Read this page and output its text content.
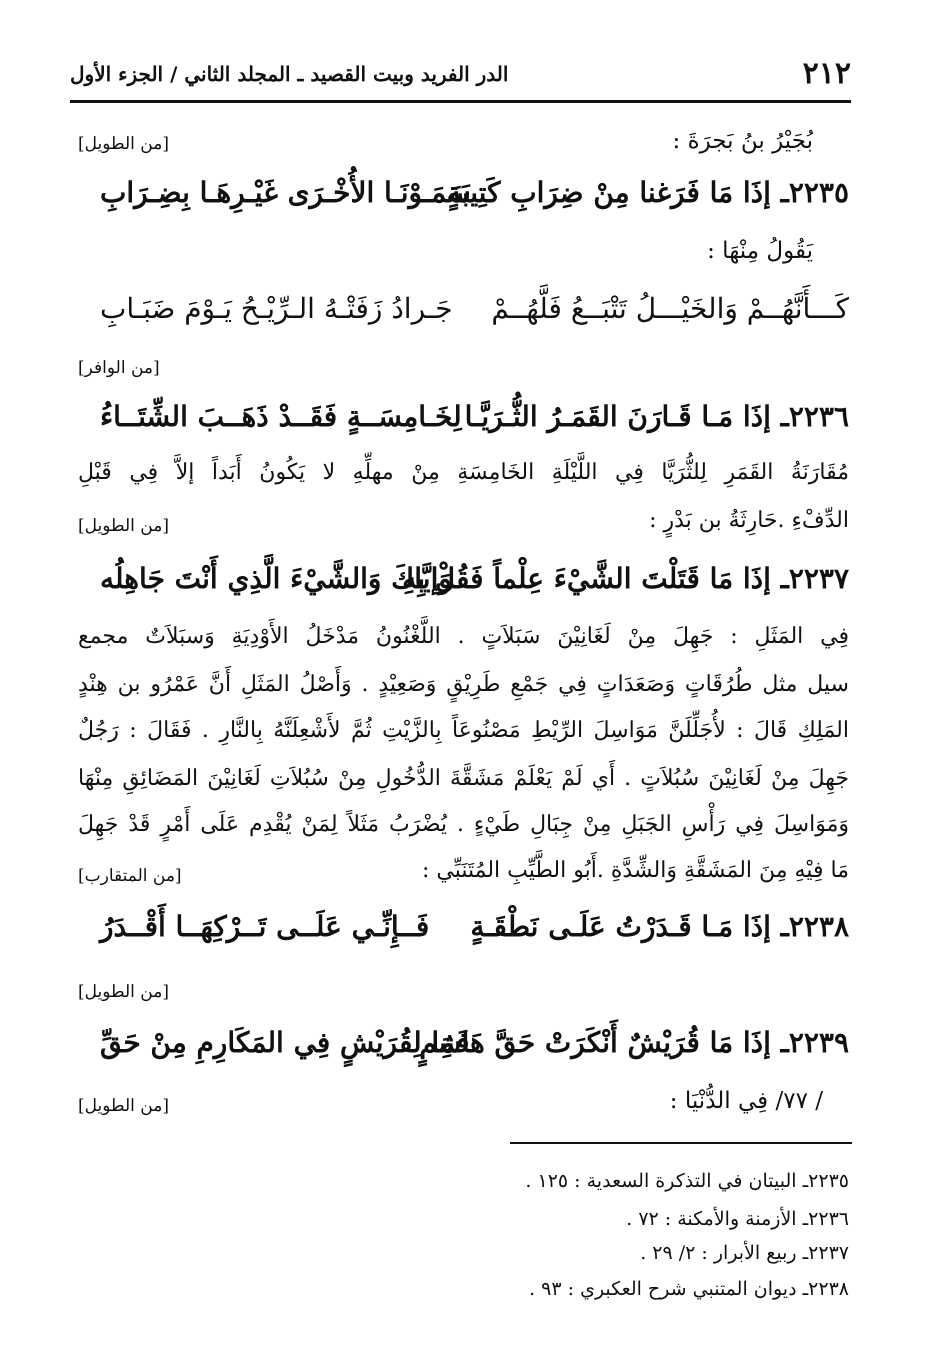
الدر الفريد وبيت القصيد ـ المجلد الثاني / الجزء الأول	٢١٢
بُجَيْرُ بنُ بَجرَةَ :
[من الطويل]
٢٢٣٥ـ إذَا مَا فَرَغنا مِنْ ضِرَابِ كَتِيبَةٍ
سَمَـوْنَـا الأُخْـرَى غَيْـرِهَـا بِضِـرَابِ
يَقُولُ مِنْهَا :
كَـــأَنَّهُــمْ وَالخَيْـــلُ تَتْبَــعُ فَلَّهُــمْ
جَـرادُ زَفَتْـهُ الـرِّيْـحُ يَـوْمَ ضَبَـابِ
[من الوافر]
٢٢٣٦ـ إذَا مَـا قَـارَنَ القَمَـرُ الثُّـرَيَّـا
لِخَـامِسَــةٍ فَقَــدْ ذَهَــبَ الشِّتَــاءُ
مُقَارَنَةُ القَمَرِ لِلثُّرَيَّا فِي اللَّيْلَةِ الخَامِسَةِ مِنْ مهلِّهِ لا يَكُونُ أَبَداً إلاَّ فِي قَبْلِ
الدِّفْءِ .حَارِثَةُ بن بَدْرٍ :
[من الطويل]
٢٢٣٧ـ إذَا مَا قَتَلْتَ الشَّيْءَ عِلْماً فَقُلْ بِهِ
وَإيَّاكَ وَالشَّيْءَ الَّذِي أَنْتَ جَاهِلُه
فِي المَثَلِ : جَهِلَ مِنْ لَغَانِيْنَ سَبَلاَتٍ . اللَّغْنُونُ مَدْخَلُ الأَوْدِيَةِ وَسبَلاَتٌ مجمع
سيل مثل طُرُقَاتٍ وَصَعَدَاتٍ فِي جَمْعِ طَرِيْقٍ وَصَعِيْدٍ . وَأَصْلُ المَثَلِ أَنَّ عَمْرُو بن هِنْدٍ
المَلِكِ قَالَ : لأُجَلِّلَنَّ مَوَاسِلَ الرِّيْطِ مَصْنُوعَاً بِالزَّيْتِ ثُمَّ لأَشْعِلَنَّهُ بِالنَّارِ . فَقَالَ : رَجُلٌ
جَهِلَ مِنْ لَغَانِيْنَ سُبُلاَتٍ . أَي لَمْ يَعْلَمْ مَشَقَّةَ الدُّخُولِ مِنْ سُبُلاَتِ لَغَانِيْنَ المَضَائِقِ مِنْهَا
وَمَوَاسِلَ فِي رَأْسِ الجَبَلِ مِنْ جِبَالِ طَيْءٍ . يُضْرَبُ مَثَلاً لِمَنْ يُقْدِم عَلَى أَمْرٍ قَدْ جَهِلَ
مَا فِيْهِ مِنَ المَشَقَّةِ وَالشِّدَّةِ .أَبُو الطَّيِّبِ المُتَنَبِّي :
[من المتقارب]
٢٢٣٨ـ إذَا مَـا قَـدَرْتُ عَلَـى نَطْقَـةٍ
فَــإِنِّـي عَلَــى تَــرْكِهَــا أَقْــدَرُ
[من الطويل]
٢٢٣٩ـ إذَا مَا قُرَيْشٌ أَنْكَرَتْ حَقَّ هَاشِمٍ
فَمَا لِقُرَيْشٍ فِي المَكَارِمِ مِنْ حَقِّ
/ ٧٧/ فِي الدُّنْيَا :
[من الطويل]
٢٢٣٥ـ البيتان في التذكرة السعدية : ١٢٥ .
٢٢٣٦ـ الأزمنة والأمكنة : ٧٢ .
٢٢٣٧ـ ربيع الأبرار : ٢/ ٢٩ .
٢٢٣٨ـ ديوان المتنبي شرح العكبري : ٩٣ .
